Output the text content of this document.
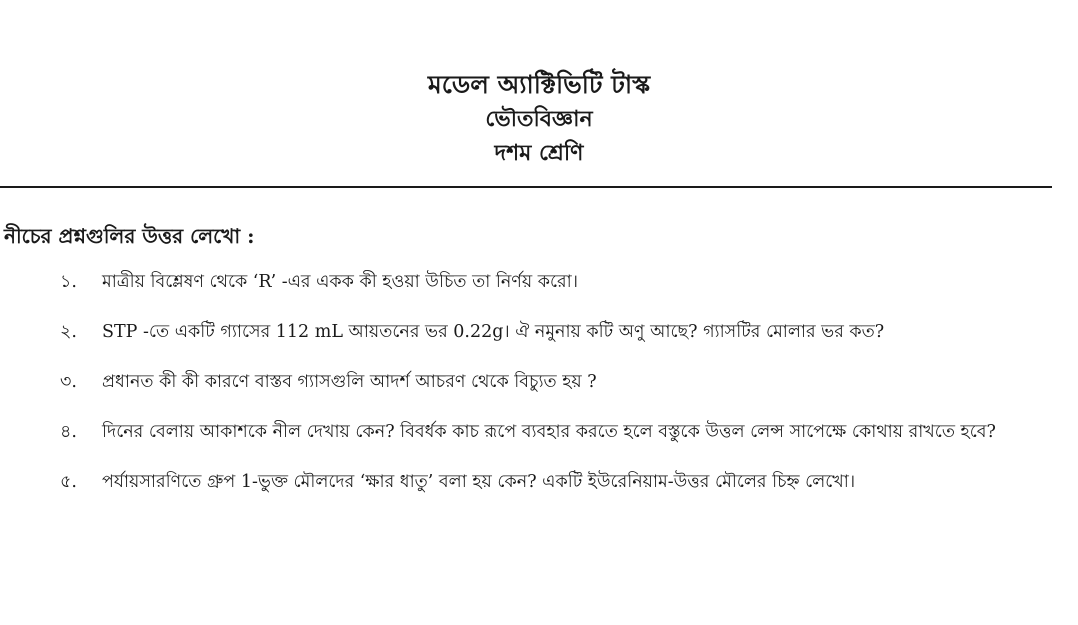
মডেল অ্যাক্টিভিটি টাস্ক
ভৌতবিজ্ঞান
দশম শ্রেণি
নীচের প্রশ্নগুলির উত্তর লেখো :
১.	মাত্রীয় বিশ্লেষণ থেকে ‘R’ -এর একক কী হওয়া উচিত তা নির্ণয় করো।
২.	STP -তে একটি গ্যাসের 112 mL আয়তনের ভর 0.22g। ঐ নমুনায় কটি অণু আছে? গ্যাসটির মোলার ভর কত?
৩.	প্রধানত কী কী কারণে বাস্তব গ্যাসগুলি আদর্শ আচরণ থেকে বিচ্যুত হয় ?
৪.	দিনের বেলায় আকাশকে নীল দেখায় কেন? বিবর্ধক কাচ রূপে ব্যবহার করতে হলে বস্তুকে উত্তল লেন্স সাপেক্ষে কোথায় রাখতে হবে?
৫.	পর্যায়সারণিতে গ্রুপ 1-ভুক্ত মৌলদের ‘ক্ষার ধাতু’ বলা হয় কেন? একটি ইউরেনিয়াম-উত্তর মৌলের চিহ্ন লেখো।
